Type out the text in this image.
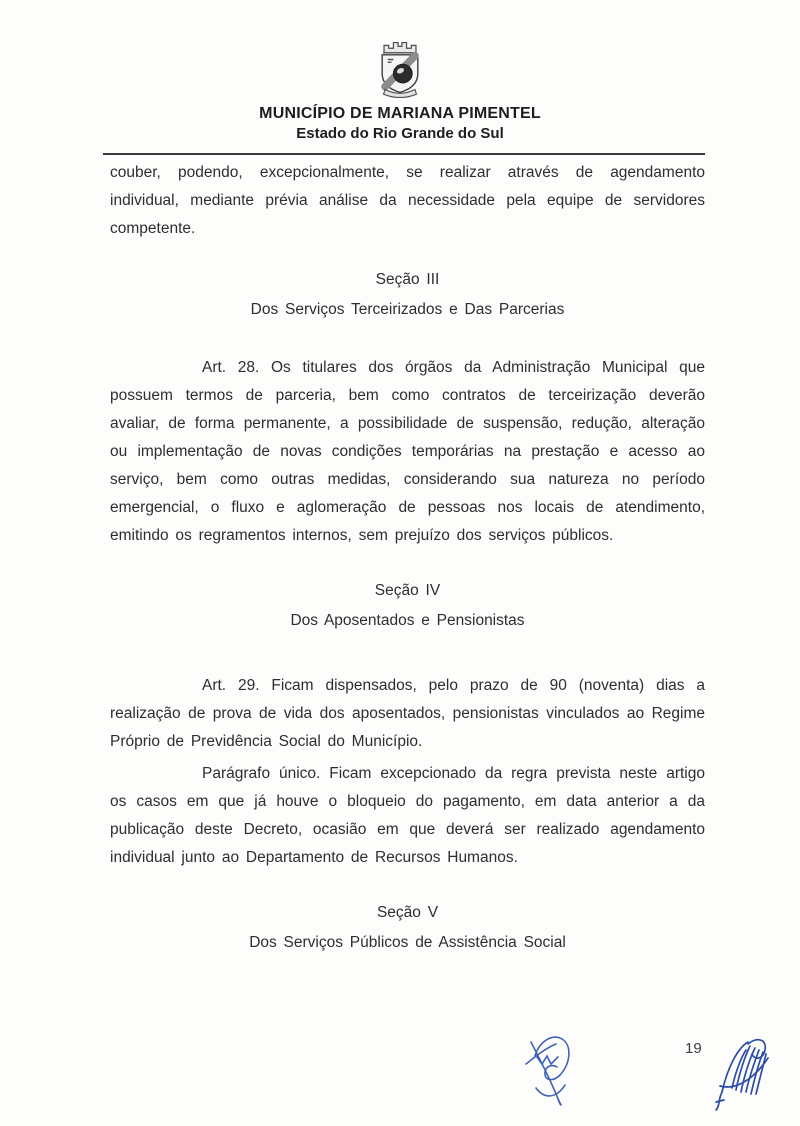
MUNICÍPIO DE MARIANA PIMENTEL
Estado do Rio Grande do Sul

couber, podendo, excepcionalmente, se realizar através de agendamento individual, mediante prévia análise da necessidade pela equipe de servidores competente.

Seção III
Dos Serviços Terceirizados e Das Parcerias

Art. 28. Os titulares dos órgãos da Administração Municipal que possuem termos de parceria, bem como contratos de terceirização deverão avaliar, de forma permanente, a possibilidade de suspensão, redução, alteração ou implementação de novas condições temporárias na prestação e acesso ao serviço, bem como outras medidas, considerando sua natureza no período emergencial, o fluxo e aglomeração de pessoas nos locais de atendimento, emitindo os regramentos internos, sem prejuízo dos serviços públicos.

Seção IV
Dos Aposentados e Pensionistas

Art. 29. Ficam dispensados, pelo prazo de 90 (noventa) dias a realização de prova de vida dos aposentados, pensionistas vinculados ao Regime Próprio de Previdência Social do Município.

Parágrafo único. Ficam excepcionado da regra prevista neste artigo os casos em que já houve o bloqueio do pagamento, em data anterior a da publicação deste Decreto, ocasião em que deverá ser realizado agendamento individual junto ao Departamento de Recursos Humanos.

Seção V
Dos Serviços Públicos de Assistência Social
19
